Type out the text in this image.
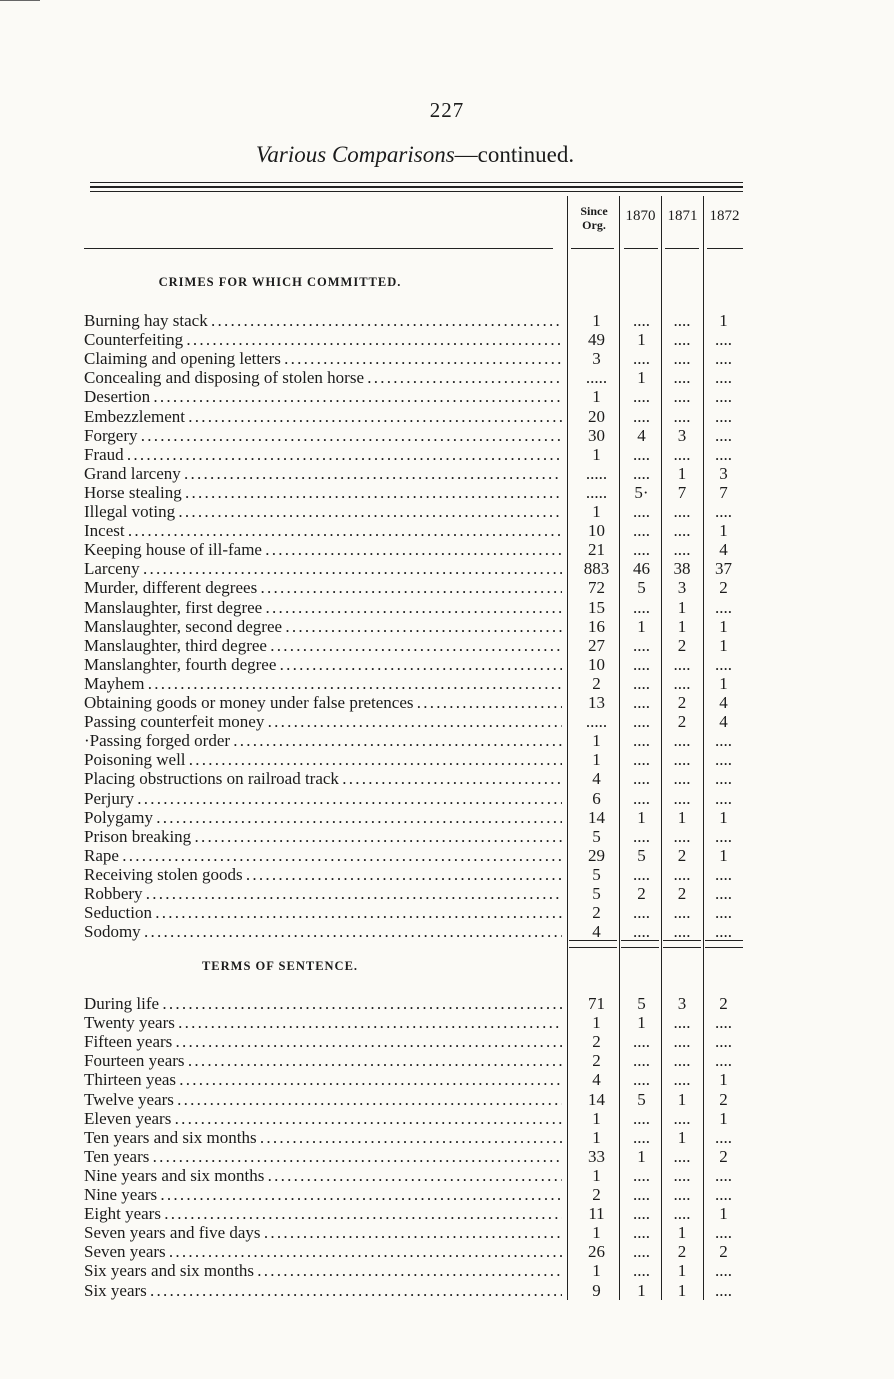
227
Various Comparisons—continued.
Since Org.
1870 1871 1872
CRIMES FOR WHICH COMMITTED.
Burning hay stack . . .	1	....	....	1
Counterfeiting . . .	49	1	....	....
Claiming and opening letters . . .	3	....	....	....
Concealing and disposing of stolen horse . . .	.....	1	....	....
Desertion . . .	1	....	....	....
Embezzlement . . .	20	....	....	....
Forgery . . .	30	4	3	....
Fraud . . .	1	....	....	....
Grand larceny . . .	.....	....	1	3
Horse stealing . . .	.....	5·	7	7
Illegal voting . . .	1	....	....	....
Incest . . .	10	....	....	1
Keeping house of ill-fame . . .	21	....	....	4
Larceny . . .	883	46	38	37
Murder, different degrees . . .	72	5	3	2
Manslaughter, first degree . . .	15	....	1	....
Manslaughter, second degree . . .	16	1	1	1
Manslaughter, third degree . . .	27	....	2	1
Manslanghter, fourth degree . . .	10	....	....	....
Mayhem . . .	2	....	....	1
Obtaining goods or money under false pretences . . .	13	....	2	4
Passing counterfeit money . . .	.....	....	2	4
·Passing forged order . . .	1	....	....	....
Poisoning well . . .	1	....	....	....
Placing obstructions on railroad track . . .	4	....	....	....
Perjury . . .	6	....	....	....
Polygamy . . .	14	1	1	1
Prison breaking . . .	5	....	....	....
Rape . . .	29	5	2	1
Receiving stolen goods . . .	5	....	....	....
Robbery . . .	5	2	2	....
Seduction . . .	2	....	....	....
Sodomy . . .	4	....	....	....
TERMS OF SENTENCE.
During life . . .	71	5	3	2
Twenty years . . .	1	1	....	....
Fifteen years . . .	2	....	....	....
Fourteen years . . .	2	....	....	....
Thirteen yeas . . .	4	....	....	1
Twelve years . . .	14	5	1	2
Eleven years . . .	1	....	....	1
Ten years and six months . . .	1	....	1	....
Ten years . . .	33	1	....	2
Nine years and six months . . .	1	....	....	....
Nine years . . .	2	....	....	....
Eight years . . .	11	....	....	1
Seven years and five days . . .	1	....	1	....
Seven years . . .	26	....	2	2
Six years and six months . . .	1	....	1	....
Six years . . .	9	1	1	....
